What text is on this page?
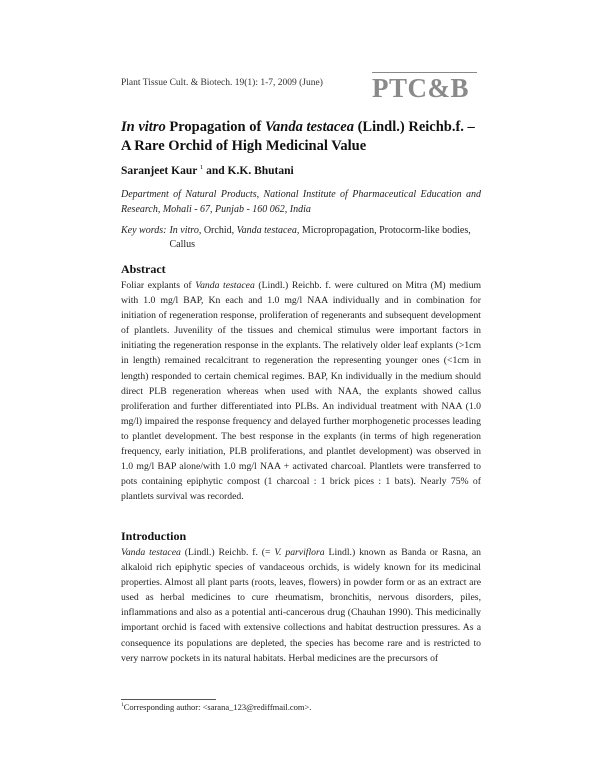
Plant Tissue Cult. & Biotech. 19(1): 1-7, 2009 (June) PTC&B
In vitro Propagation of Vanda testacea (Lindl.) Reichb.f. – A Rare Orchid of High Medicinal Value
Saranjeet Kaur $^1$ and K.K. Bhutani
Department of Natural Products, National Institute of Pharmaceutical Education and Research, Mohali - 67, Punjab - 160 062, India
Key words: In vitro, Orchid, Vanda testacea, Micropropagation, Protocorm-like bodies, Callus
Abstract

Foliar explants of Vanda testacea (Lindl.) Reichb. f. were cultured on Mitra (M) medium with 1.0 mg/l BAP, Kn each and 1.0 mg/l NAA individually and in combination for initiation of regeneration response, proliferation of regenerants and subsequent development of plantlets. Juvenility of the tissues and chemical stimulus were important factors in initiating the regeneration response in the explants. The relatively older leaf explants (>1cm in length) remained recalcitrant to regeneration the representing younger ones (<1cm in length) responded to certain chemical regimes. BAP, Kn individually in the medium should direct PLB regeneration whereas when used with NAA, the explants showed callus proliferation and further differentiated into PLBs. An individual treatment with NAA (1.0 mg/l) impaired the response frequency and delayed further morphogenetic processes leading to plantlet development. The best response in the explants (in terms of high regeneration frequency, early initiation, PLB proliferations, and plantlet development) was observed in 1.0 mg/l BAP alone/with 1.0 mg/l NAA + activated charcoal. Plantlets were transferred to pots containing epiphytic compost (1 charcoal : 1 brick pices : 1 bats). Nearly 75% of plantlets survival was recorded.

Introduction

Vanda testacea (Lindl.) Reichb. f. (= V. parviflora Lindl.) known as Banda or Rasna, an alkaloid rich epiphytic species of vandaceous orchids, is widely known for its medicinal properties. Almost all plant parts (roots, leaves, flowers) in powder form or as an extract are used as herbal medicines to cure rheumatism, bronchitis, nervous disorders, piles, inflammations and also as a potential anti-cancerous drug (Chauhan 1990). This medicinally important orchid is faced with extensive collections and habitat destruction pressures. As a consequence its populations are depleted, the species has become rare and is restricted to very narrow pockets in its natural habitats. Herbal medicines are the precursors of

$^1$Corresponding author: <sarana_123@rediffmail.com>.
